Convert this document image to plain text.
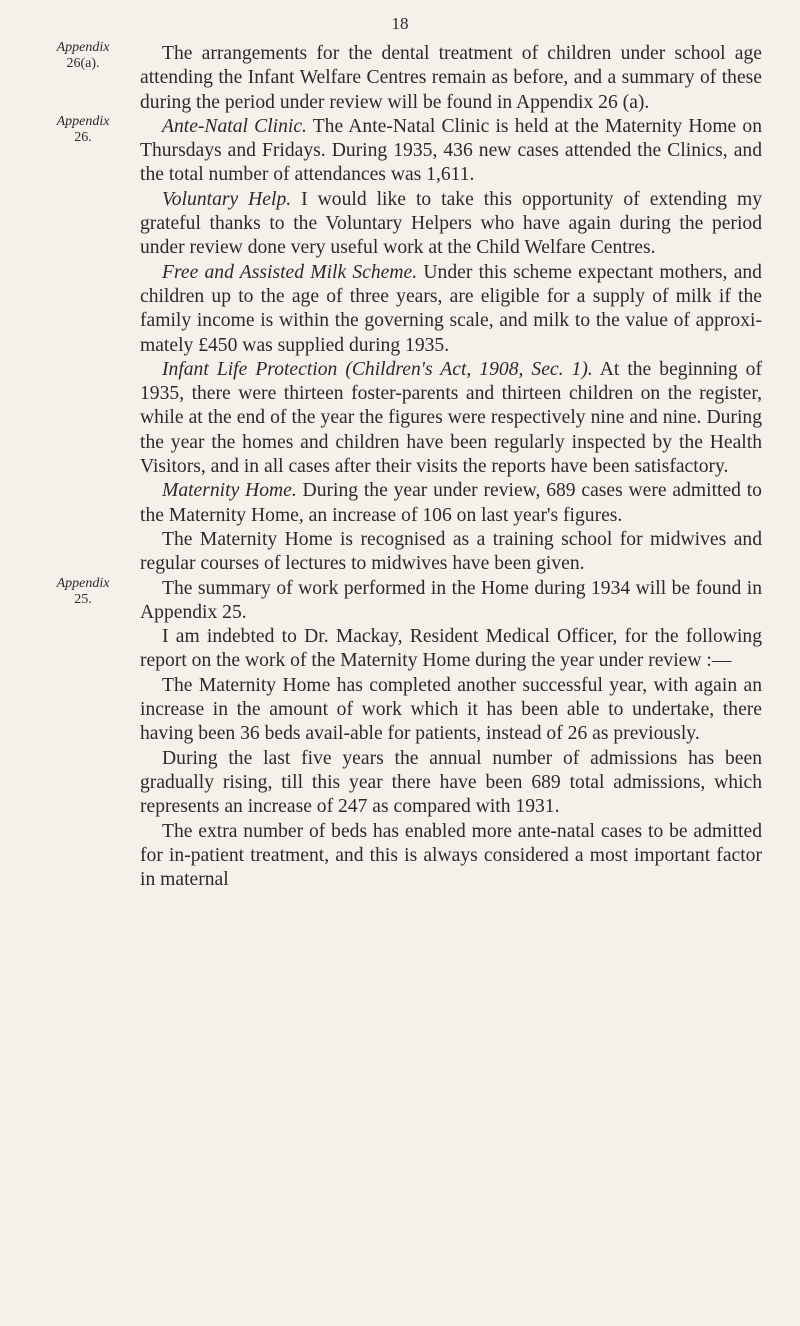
18
Appendix
26(a).
Appendix
26.
Appendix
25.

The arrangements for the dental treatment of children under school age attending the Infant Welfare Centres remain as before, and a summary of these during the period under review will be found in Appendix 26 (a).

Ante-Natal Clinic. The Ante-Natal Clinic is held at the Maternity Home on Thursdays and Fridays. During 1935, 436 new cases attended the Clinics, and the total number of attendances was 1,611.

Voluntary Help. I would like to take this opportunity of extending my grateful thanks to the Voluntary Helpers who have again during the period under review done very useful work at the Child Welfare Centres.

Free and Assisted Milk Scheme. Under this scheme expectant mothers, and children up to the age of three years, are eligible for a supply of milk if the family income is within the governing scale, and milk to the value of approxi-mately £450 was supplied during 1935.

Infant Life Protection (Children's Act, 1908, Sec. 1). At the beginning of 1935, there were thirteen foster-parents and thirteen children on the register, while at the end of the year the figures were respectively nine and nine. During the year the homes and children have been regularly inspected by the Health Visitors, and in all cases after their visits the reports have been satisfactory.

Maternity Home. During the year under review, 689 cases were admitted to the Maternity Home, an increase of 106 on last year's figures.

The Maternity Home is recognised as a training school for midwives and regular courses of lectures to midwives have been given.

The summary of work performed in the Home during 1934 will be found in Appendix 25.

I am indebted to Dr. Mackay, Resident Medical Officer, for the following report on the work of the Maternity Home during the year under review :—

The Maternity Home has completed another successful year, with again an increase in the amount of work which it has been able to undertake, there having been 36 beds avail-able for patients, instead of 26 as previously.

During the last five years the annual number of admissions has been gradually rising, till this year there have been 689 total admissions, which represents an increase of 247 as compared with 1931.

The extra number of beds has enabled more ante-natal cases to be admitted for in-patient treatment, and this is always considered a most important factor in maternal
